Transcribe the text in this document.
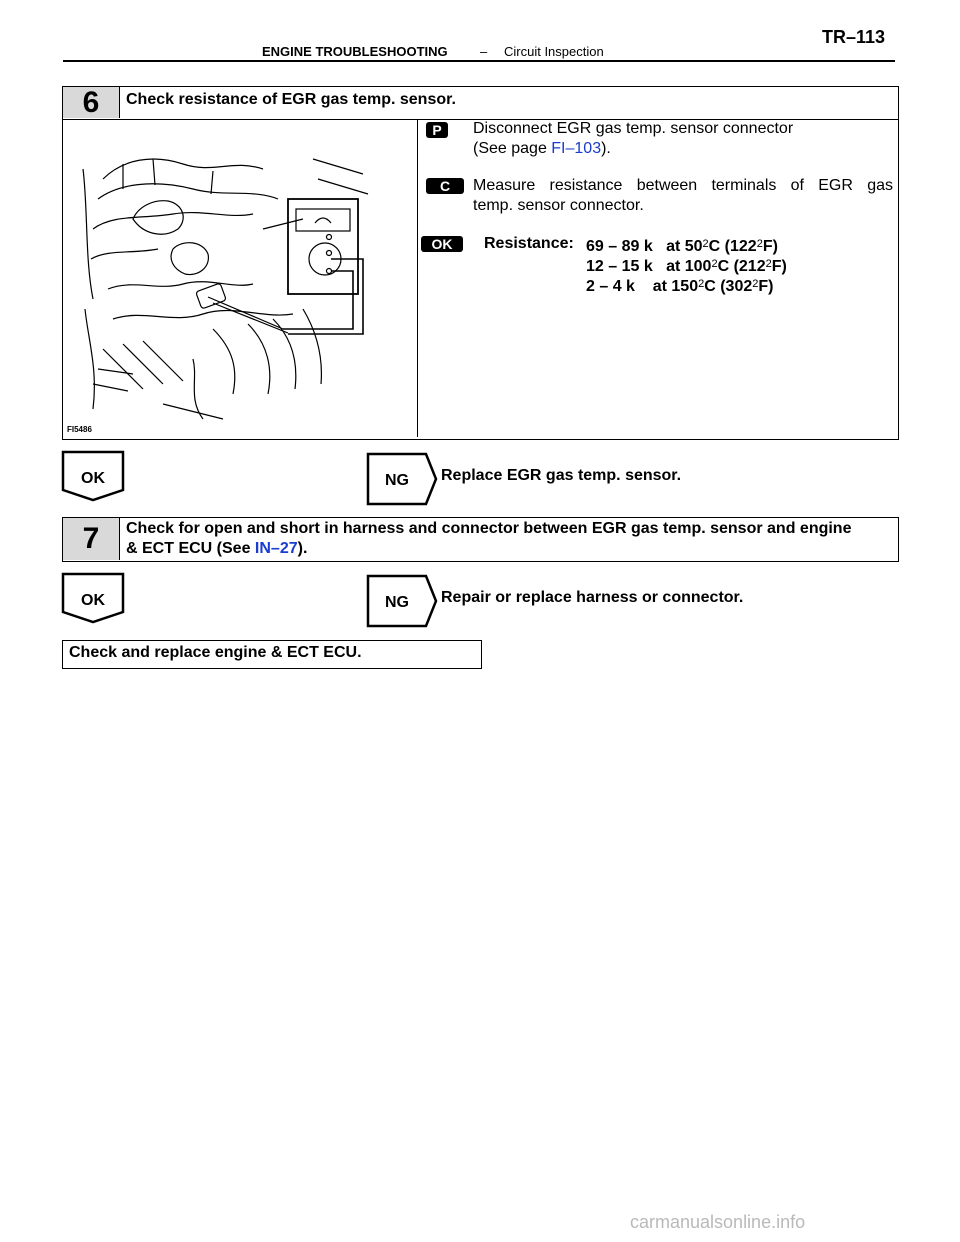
ENGINE TROUBLESHOOTING – Circuit Inspection
TR–113
6	Check resistance of EGR gas temp. sensor.
FI5486
P	Disconnect EGR gas temp. sensor connector
(See page FI–103).
C	Measure resistance between terminals of EGR gas
temp. sensor connector.
OK	Resistance: 69 – 89 k at $50^2C$ $(122^2F)$
12 – 15 k at $100^2C$ $(212^2F)$
2 – 4 k at $150^2C$ $(302^2F)$
OK	NG	Replace EGR gas temp. sensor.
7	Check for open and short in harness and connector between EGR gas temp. sensor and engine
& ECT ECU (See IN–27).
OK	NG	Repair or replace harness or connector.
Check and replace engine & ECT ECU.
carmanualsonline.info
